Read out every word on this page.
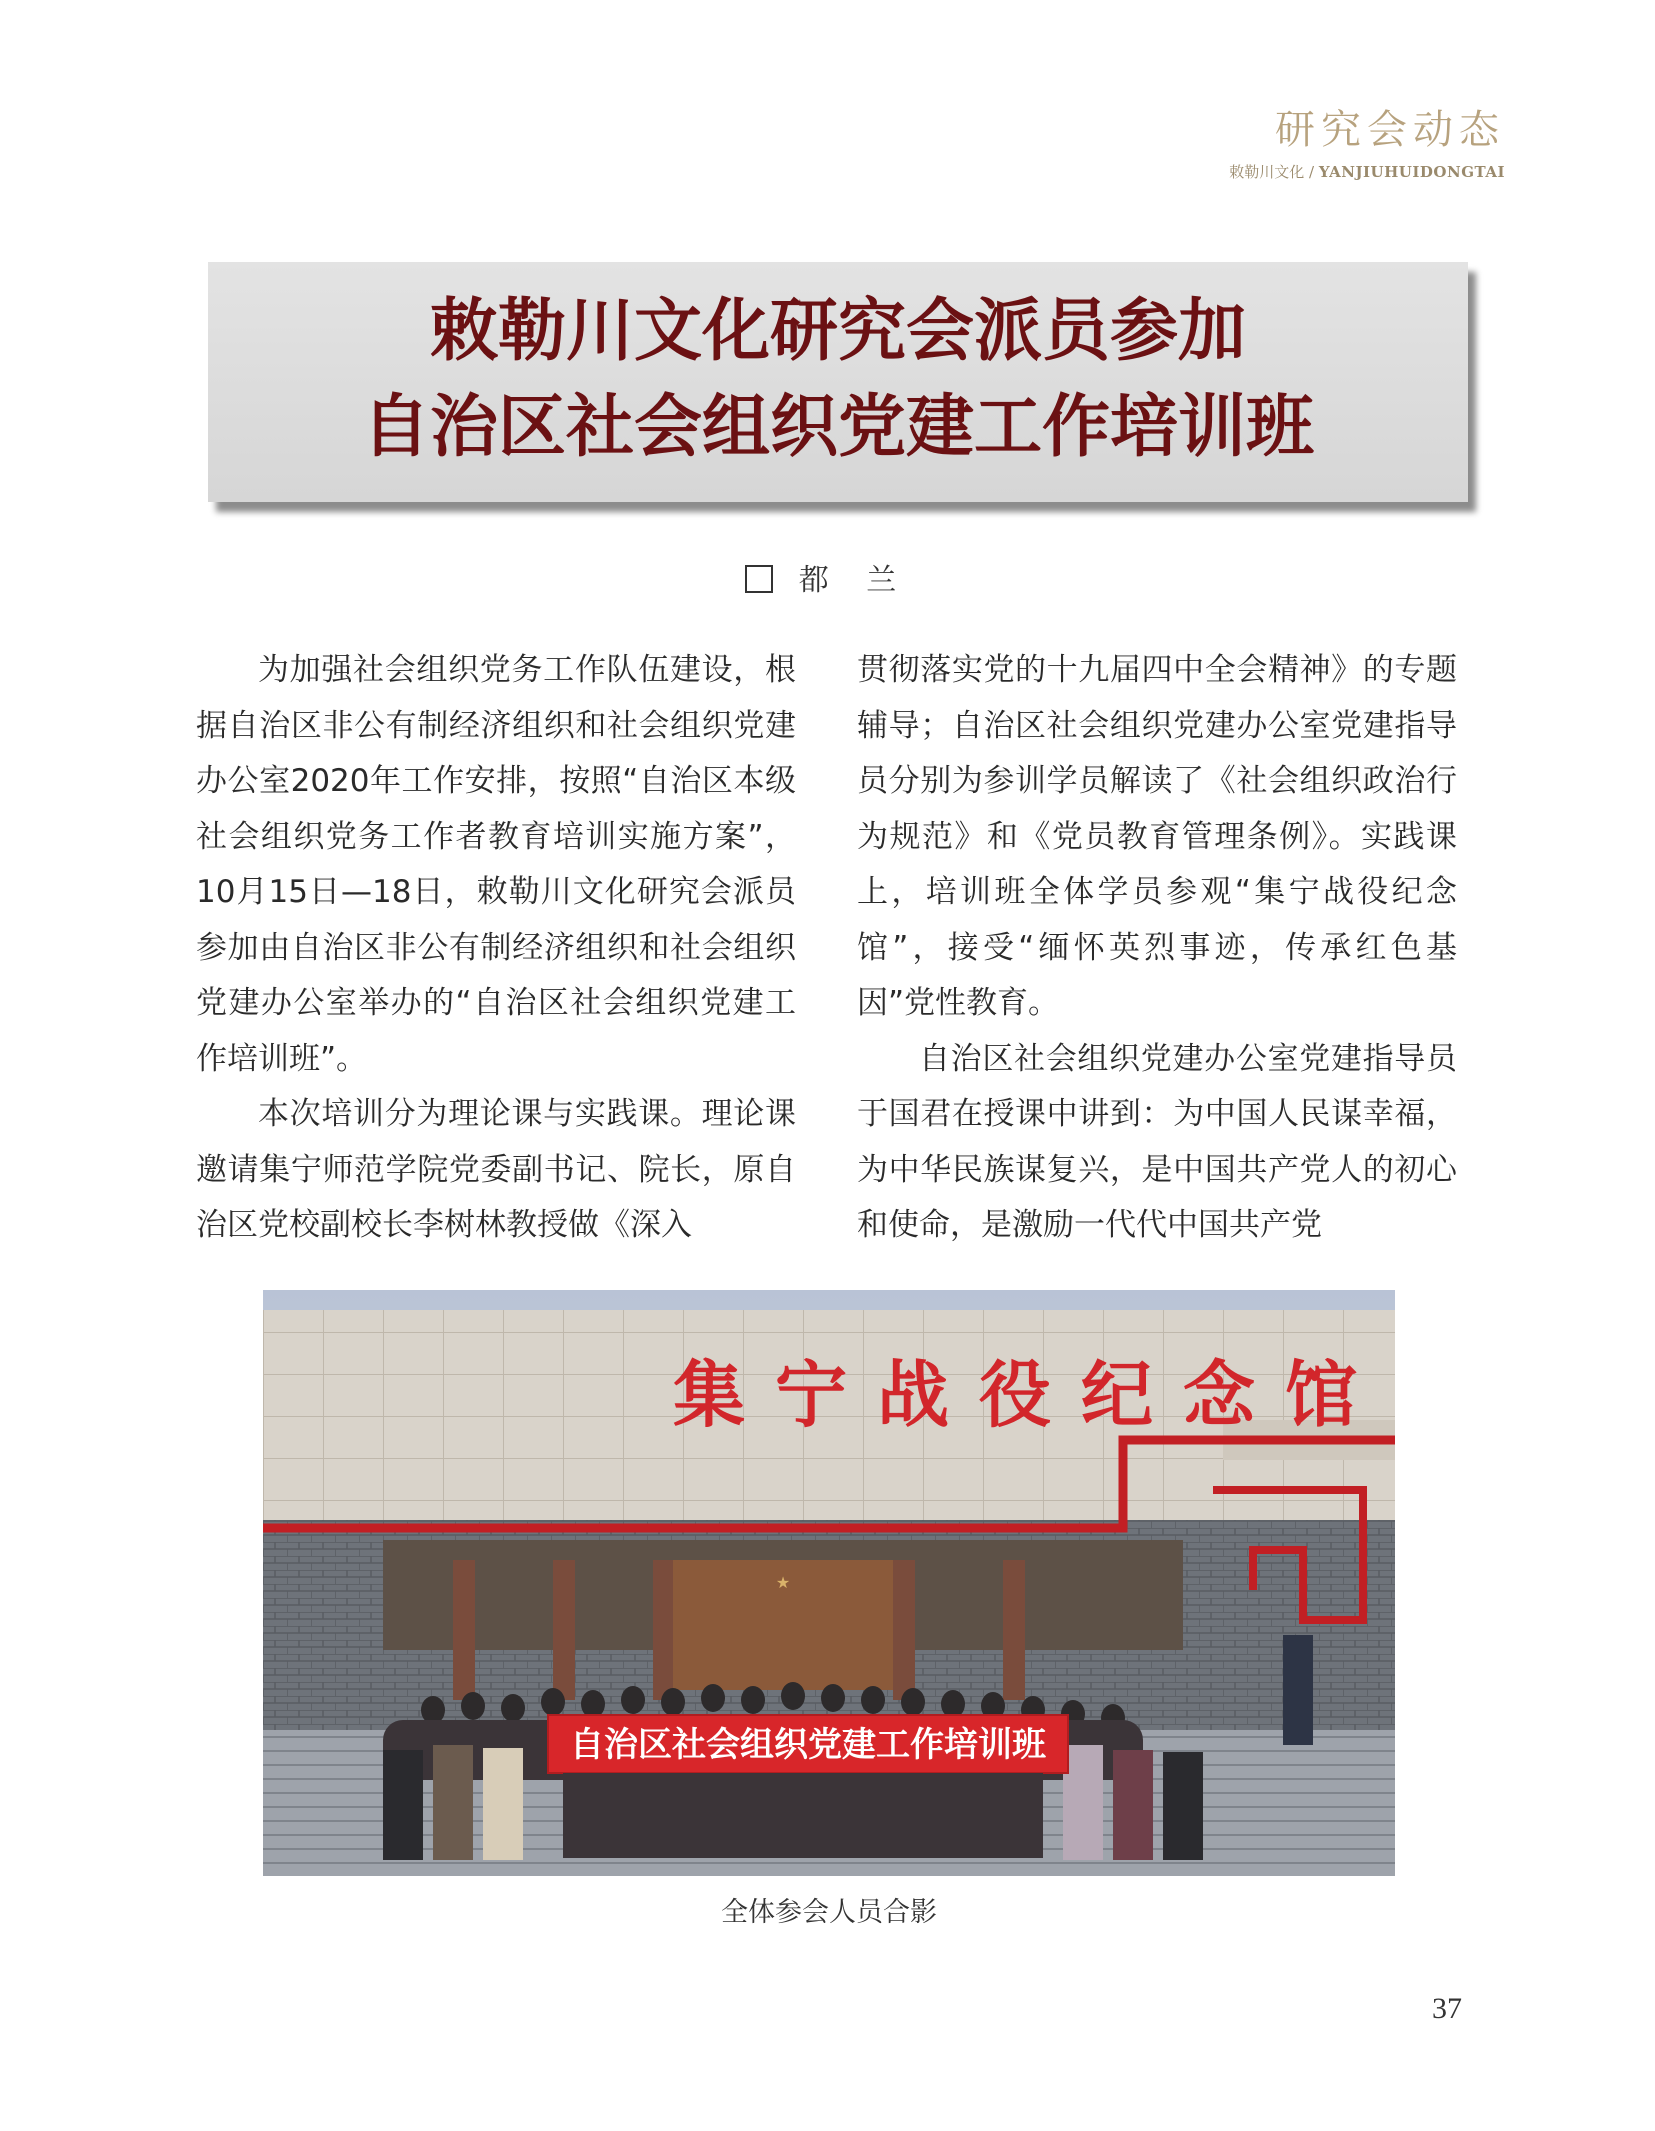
研究会动态
敕勒川文化 / YANJIUHUIDONGTAI
敕勒川文化研究会派员参加
自治区社会组织党建工作培训班
都 兰

为加强社会组织党务工作队伍建设，根据自治区非公有制经济组织和社会组织党建办公室2020年工作安排，按照“自治区本级社会组织党务工作者教育培训实施方案”，10月15日—18日，敕勒川文化研究会派员参加由自治区非公有制经济组织和社会组织党建办公室举办的“自治区社会组织党建工作培训班”。

本次培训分为理论课与实践课。理论课邀请集宁师范学院党委副书记、院长，原自治区党校副校长李树林教授做《深入

贯彻落实党的十九届四中全会精神》的专题辅导；自治区社会组织党建办公室党建指导员分别为参训学员解读了《社会组织政治行为规范》和《党员教育管理条例》。实践课上，培训班全体学员参观“集宁战役纪念馆”，接受“缅怀英烈事迹，传承红色基因”党性教育。

自治区社会组织党建办公室党建指导员于国君在授课中讲到：为中国人民谋幸福，为中华民族谋复兴，是中国共产党人的初心和使命，是激励一代代中国共产党

★
集宁战役纪念馆
自治区社会组织党建工作培训班
全体参会人员合影
37
